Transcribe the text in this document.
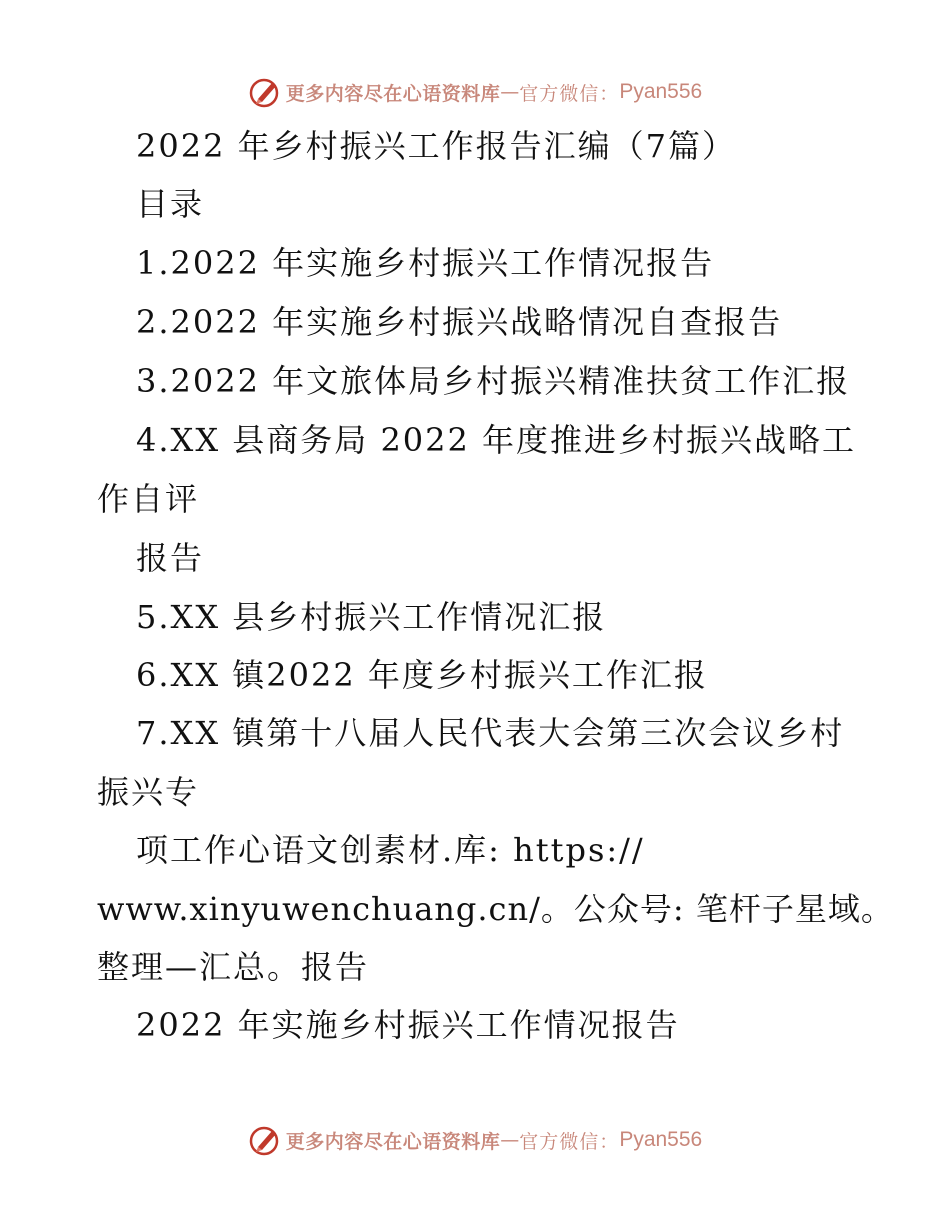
更多内容尽在心语资料库 — 官方微信： Pyan556
2022 年乡村振兴工作报告汇编（7篇）
目录
1.2022 年实施乡村振兴工作情况报告
2.2022 年实施乡村振兴战略情况自查报告
3.2022 年文旅体局乡村振兴精准扶贫工作汇报
4.XX 县商务局 2022 年度推进乡村振兴战略工
作自评
报告
5.XX 县乡村振兴工作情况汇报
6.XX 镇2022 年度乡村振兴工作汇报
7.XX 镇第十八届人民代表大会第三次会议乡村
振兴专
项工作心语文创素材.库: https://
www.xinyuwenchuang.cn/。公众号: 笔杆子星域。
整理—汇总。报告
2022 年实施乡村振兴工作情况报告
更多内容尽在心语资料库 — 官方微信： Pyan556
